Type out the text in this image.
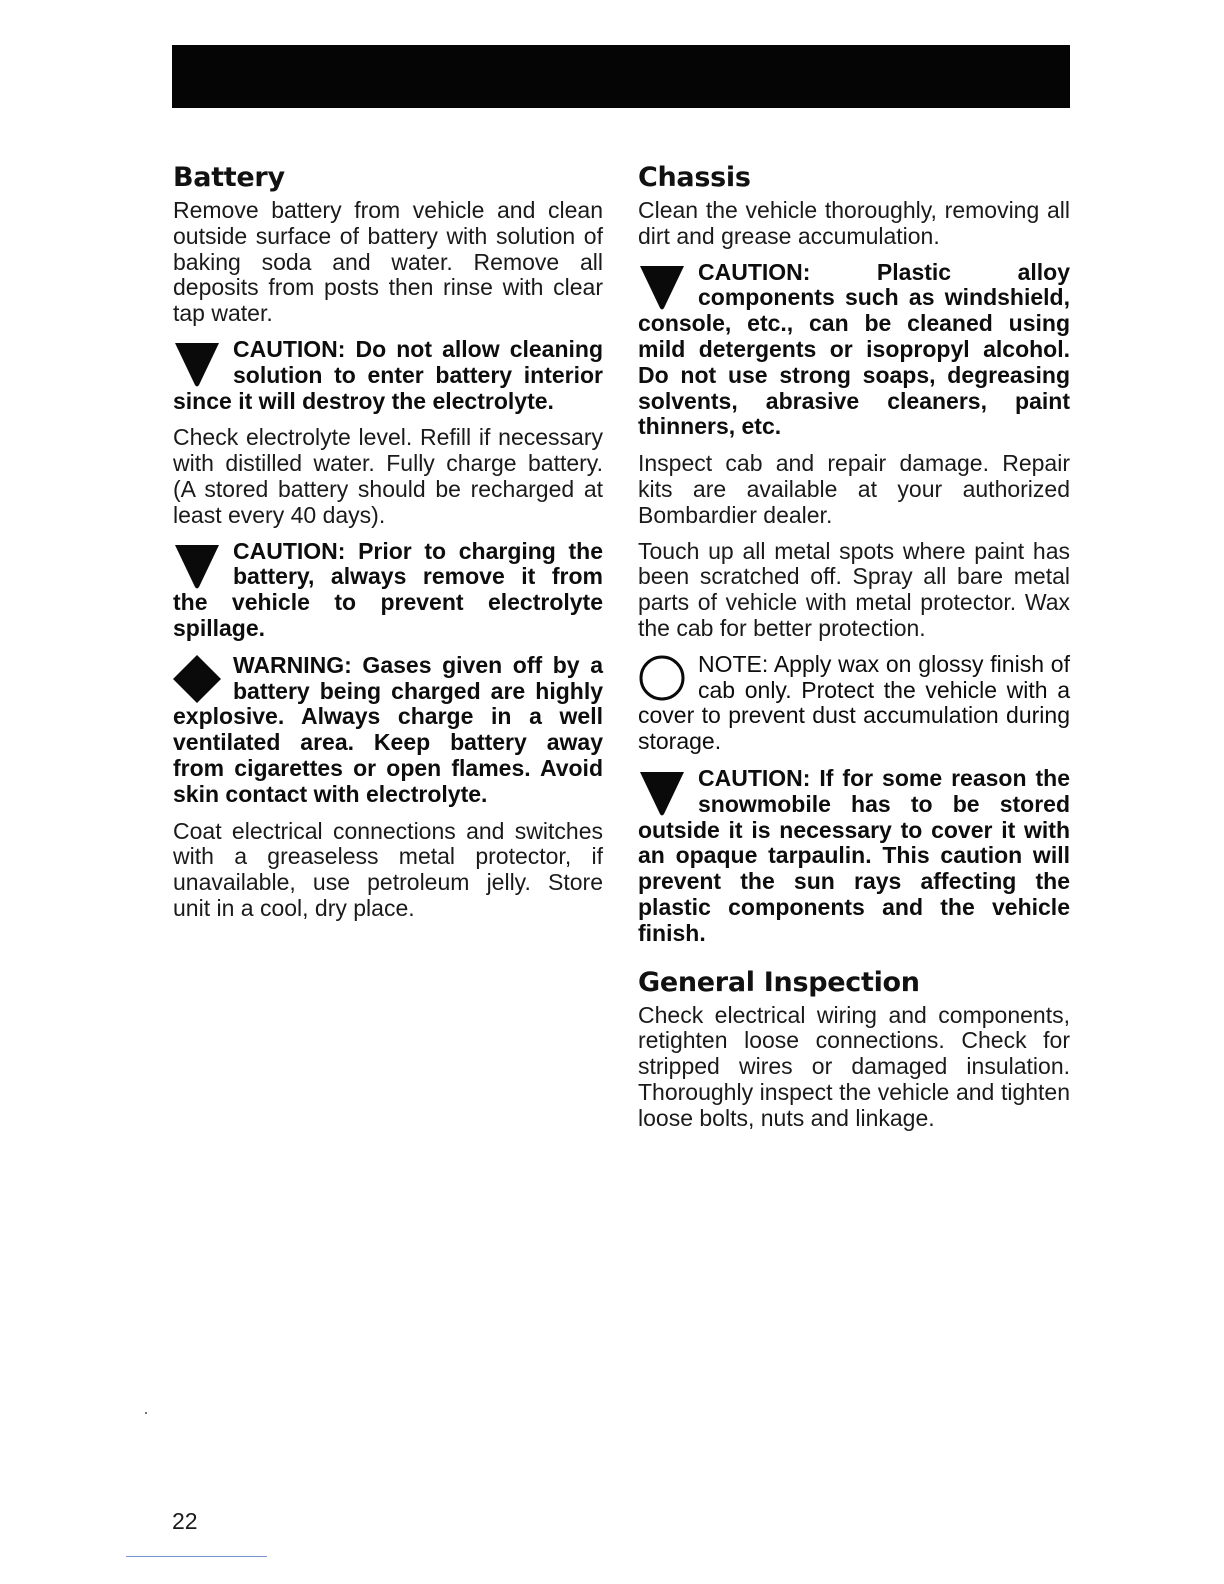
Battery

Remove battery from vehicle and clean outside surface of battery with solution of baking soda and water. Remove all deposits from posts then rinse with clear tap water.

CAUTION: Do not allow cleaning solution to enter battery interior since it will destroy the electrolyte.

Check electrolyte level. Refill if necessary with distilled water. Fully charge battery. (A stored battery should be recharged at least every 40 days).

CAUTION: Prior to charging the battery, always remove it from the vehicle to prevent electrolyte spillage.
WARNING: Gases given off by a battery being charged are highly explosive. Always charge in a well ventilated area. Keep battery away from cigarettes or open flames. Avoid skin contact with electrolyte.

Coat electrical connections and switches with a greaseless metal protector, if unavailable, use petroleum jelly. Store unit in a cool, dry place.

Chassis

Clean the vehicle thoroughly, removing all dirt and grease accumulation.

CAUTION: Plastic alloy components such as windshield, console, etc., can be cleaned using mild detergents or isopropyl alcohol. Do not use strong soaps, degreasing solvents, abrasive cleaners, paint thinners, etc.

Inspect cab and repair damage. Repair kits are available at your authorized Bombardier dealer.

Touch up all metal spots where paint has been scratched off. Spray all bare metal parts of vehicle with metal protector. Wax the cab for better protection.

NOTE: Apply wax on glossy finish of cab only. Protect the vehicle with a cover to prevent dust accumulation during storage.
CAUTION: If for some reason the snowmobile has to be stored outside it is necessary to cover it with an opaque tarpaulin. This caution will prevent the sun rays affecting the plastic components and the vehicle finish.
General Inspection

Check electrical wiring and components, retighten loose connections. Check for stripped wires or damaged insulation. Thoroughly inspect the vehicle and tighten loose bolts, nuts and linkage.

22
